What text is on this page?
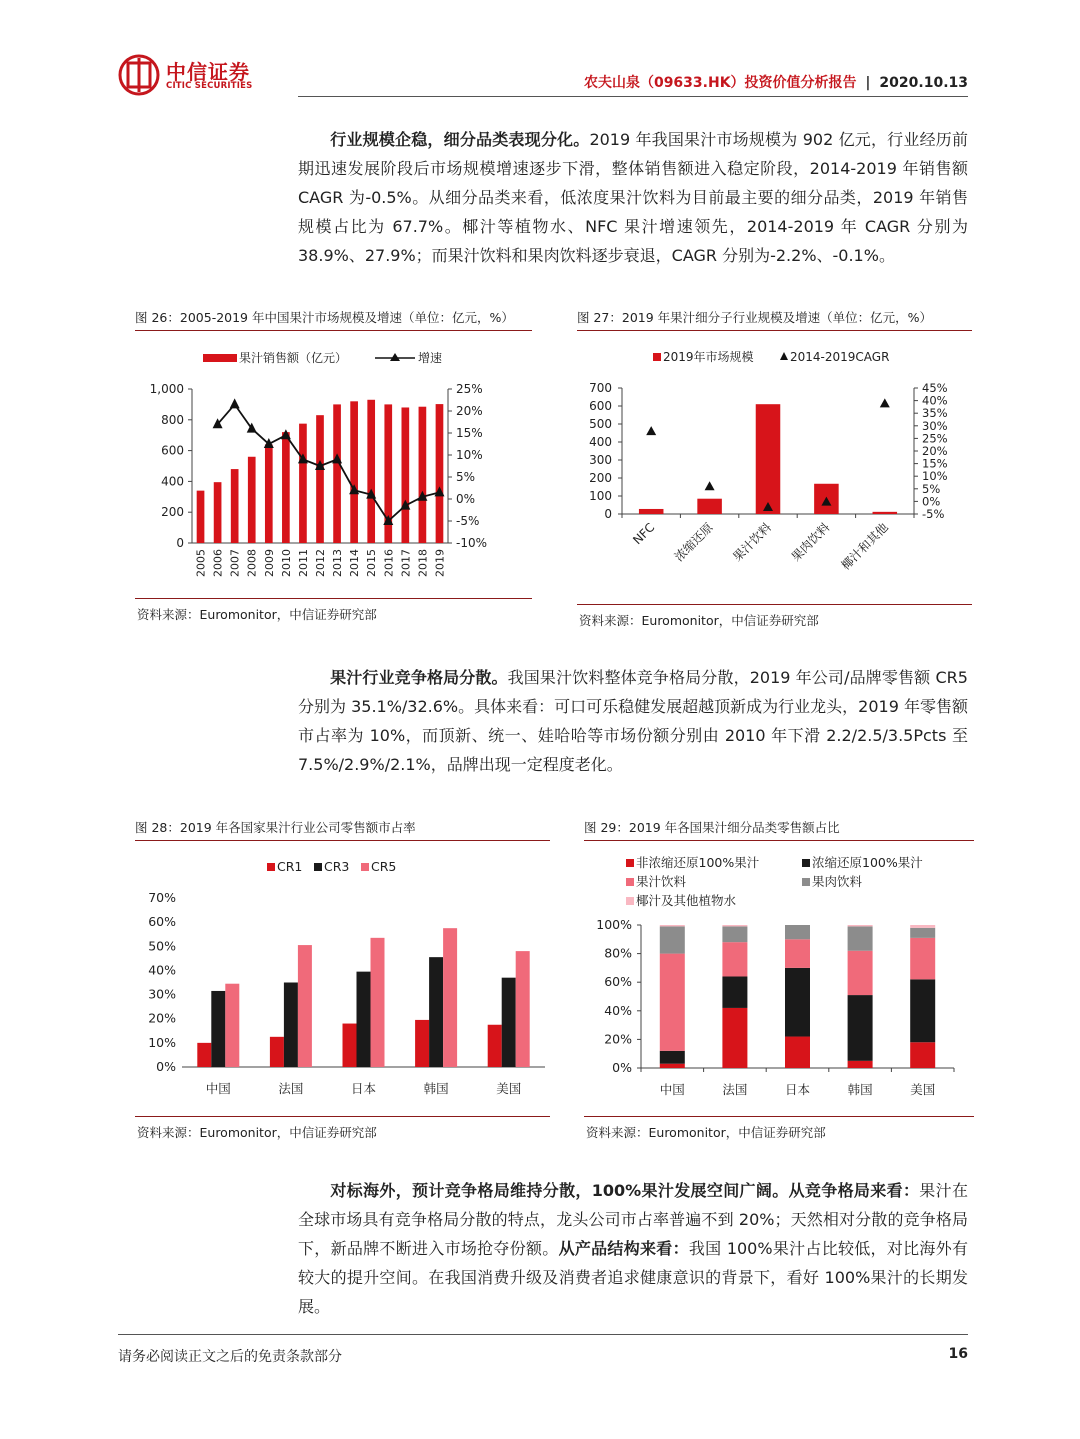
中信证券
CITIC SECURITIES	农夫山泉（09633.HK）投资价值分析报告 | 2020.10.13
行业规模企稳，细分品类表现分化。2019 年我国果汁市场规模为 902 亿元，行业经历前期迅速发展阶段后市场规模增速逐步下滑，整体销售额进入稳定阶段，2014-2019 年销售额 CAGR 为-0.5%。从细分品类来看，低浓度果汁饮料为目前最主要的细分品类，2019 年销售规模占比为 67.7%。椰汁等植物水、NFC 果汁增速领先，2014-2019 年 CAGR 分别为 38.9%、27.9%；而果汁饮料和果肉饮料逐步衰退，CAGR 分别为-2.2%、-0.1%。
图 26：2005-2019 年中国果汁市场规模及增速（单位：亿元，%）
果汁销售额（亿元）	增速
0
200
400
600
800
1,000
-10%
-5%
0%
5%
10%
15%
20%
25%
2005 2006 2007 2008 2009 2010 2011 2012 2013 2014 2015 2016 2017 2018 2019
资料来源：Euromonitor，中信证券研究部
图 27：2019 年果汁细分子行业规模及增速（单位：亿元，%）
2019年市场规模	2014-2019CAGR
0
100
200
300
400
500
600
700
-5%
0%
5%
10%
15%
20%
25%
30%
35%
40%
45%
NFC 浓缩还原 果汁饮料 果肉饮料 椰汁和其他
资料来源：Euromonitor，中信证券研究部
果汁行业竞争格局分散。我国果汁饮料整体竞争格局分散，2019 年公司/品牌零售额 CR5 分别为 35.1%/32.6%。具体来看：可口可乐稳健发展超越顶新成为行业龙头，2019 年零售额市占率为 10%，而顶新、统一、娃哈哈等市场份额分别由 2010 年下滑 2.2/2.5/3.5Pcts 至 7.5%/2.9%/2.1%，品牌出现一定程度老化。
图 28：2019 年各国家果汁行业公司零售额市占率
CR1 CR3 CR5
0%
10%
20%
30%
40%
50%
60%
70%
中国	法国	日本	韩国	美国
资料来源：Euromonitor，中信证券研究部
图 29：2019 年各国果汁细分品类零售额占比
非浓缩还原100%果汁	浓缩还原100%果汁
果汁饮料	果肉饮料
椰汁及其他植物水
0%
20%
40%
60%
80%
100%
中国	法国	日本	韩国	美国
资料来源：Euromonitor，中信证券研究部
对标海外，预计竞争格局维持分散，100%果汁发展空间广阔。从竞争格局来看：果汁在全球市场具有竞争格局分散的特点，龙头公司市占率普遍不到 20%；天然相对分散的竞争格局下，新品牌不断进入市场抢夺份额。从产品结构来看：我国 100%果汁占比较低，对比海外有较大的提升空间。在我国消费升级及消费者追求健康意识的背景下，看好 100%果汁的长期发展。
请务必阅读正文之后的免责条款部分	16
